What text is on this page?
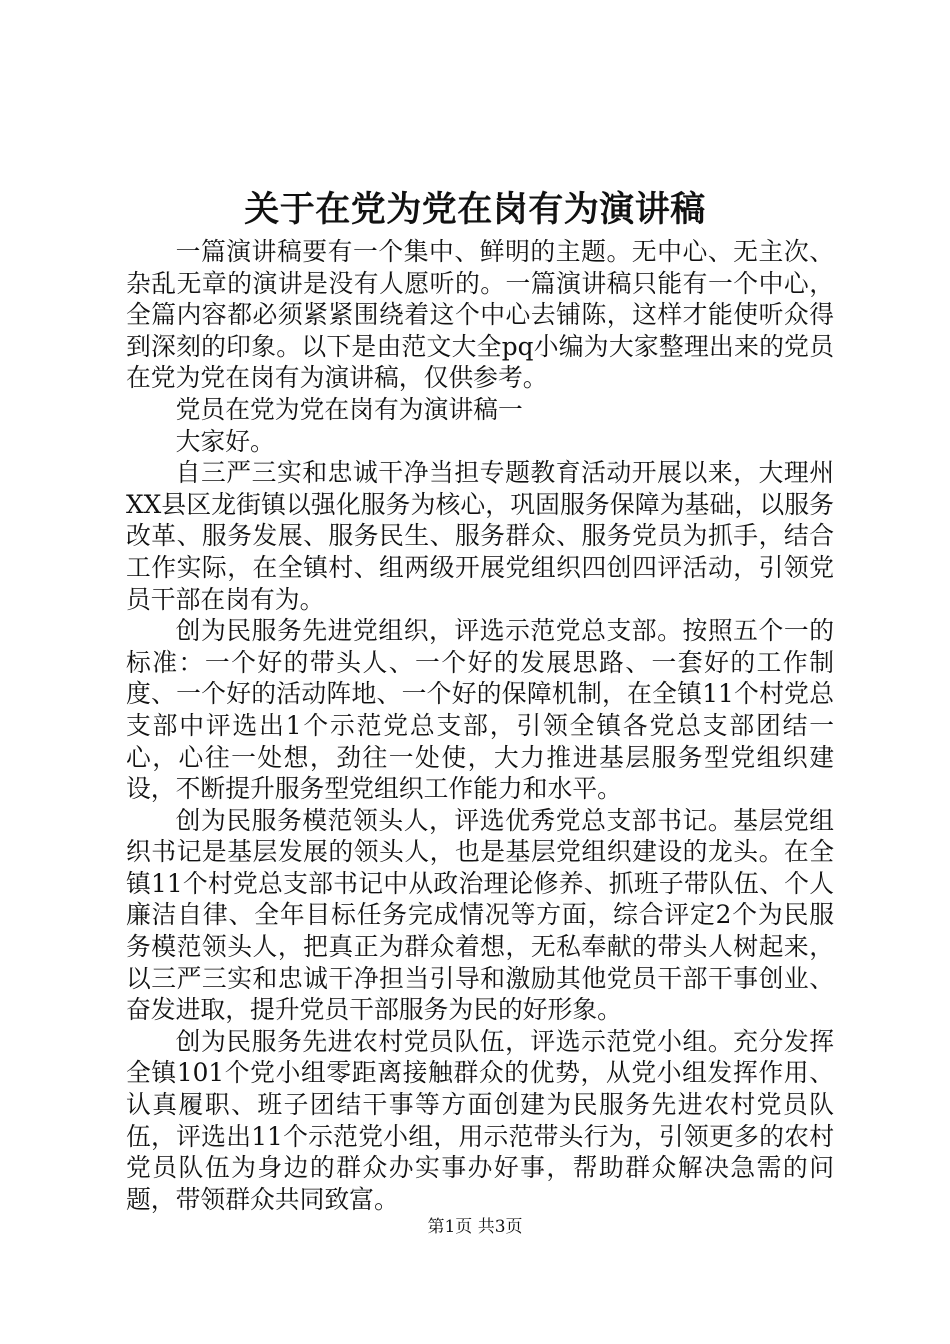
关于在党为党在岗有为演讲稿

一篇演讲稿要有一个集中、鲜明的主题。无中心、无主次、杂乱无章的演讲是没有人愿听的。一篇演讲稿只能有一个中心，全篇内容都必须紧紧围绕着这个中心去铺陈，这样才能使听众得到深刻的印象。以下是由范文大全pq小编为大家整理出来的党员在党为党在岗有为演讲稿，仅供参考。

党员在党为党在岗有为演讲稿一

大家好。

自三严三实和忠诚干净当担专题教育活动开展以来，大理州XX县区龙街镇以强化服务为核心，巩固服务保障为基础，以服务改革、服务发展、服务民生、服务群众、服务党员为抓手，结合工作实际，在全镇村、组两级开展党组织四创四评活动，引领党员干部在岗有为。

创为民服务先进党组织，评选示范党总支部。按照五个一的标准：一个好的带头人、一个好的发展思路、一套好的工作制度、一个好的活动阵地、一个好的保障机制，在全镇11个村党总支部中评选出1个示范党总支部，引领全镇各党总支部团结一心，心往一处想，劲往一处使，大力推进基层服务型党组织建设，不断提升服务型党组织工作能力和水平。

创为民服务模范领头人，评选优秀党总支部书记。基层党组织书记是基层发展的领头人，也是基层党组织建设的龙头。在全镇11个村党总支部书记中从政治理论修养、抓班子带队伍、个人廉洁自律、全年目标任务完成情况等方面，综合评定2个为民服务模范领头人，把真正为群众着想，无私奉献的带头人树起来，以三严三实和忠诚干净担当引导和激励其他党员干部干事创业、奋发进取，提升党员干部服务为民的好形象。

创为民服务先进农村党员队伍，评选示范党小组。充分发挥全镇101个党小组零距离接触群众的优势，从党小组发挥作用、认真履职、班子团结干事等方面创建为民服务先进农村党员队伍，评选出11个示范党小组，用示范带头行为，引领更多的农村党员队伍为身边的群众办实事办好事，帮助群众解决急需的问题，带领群众共同致富。

第1页 共3页
